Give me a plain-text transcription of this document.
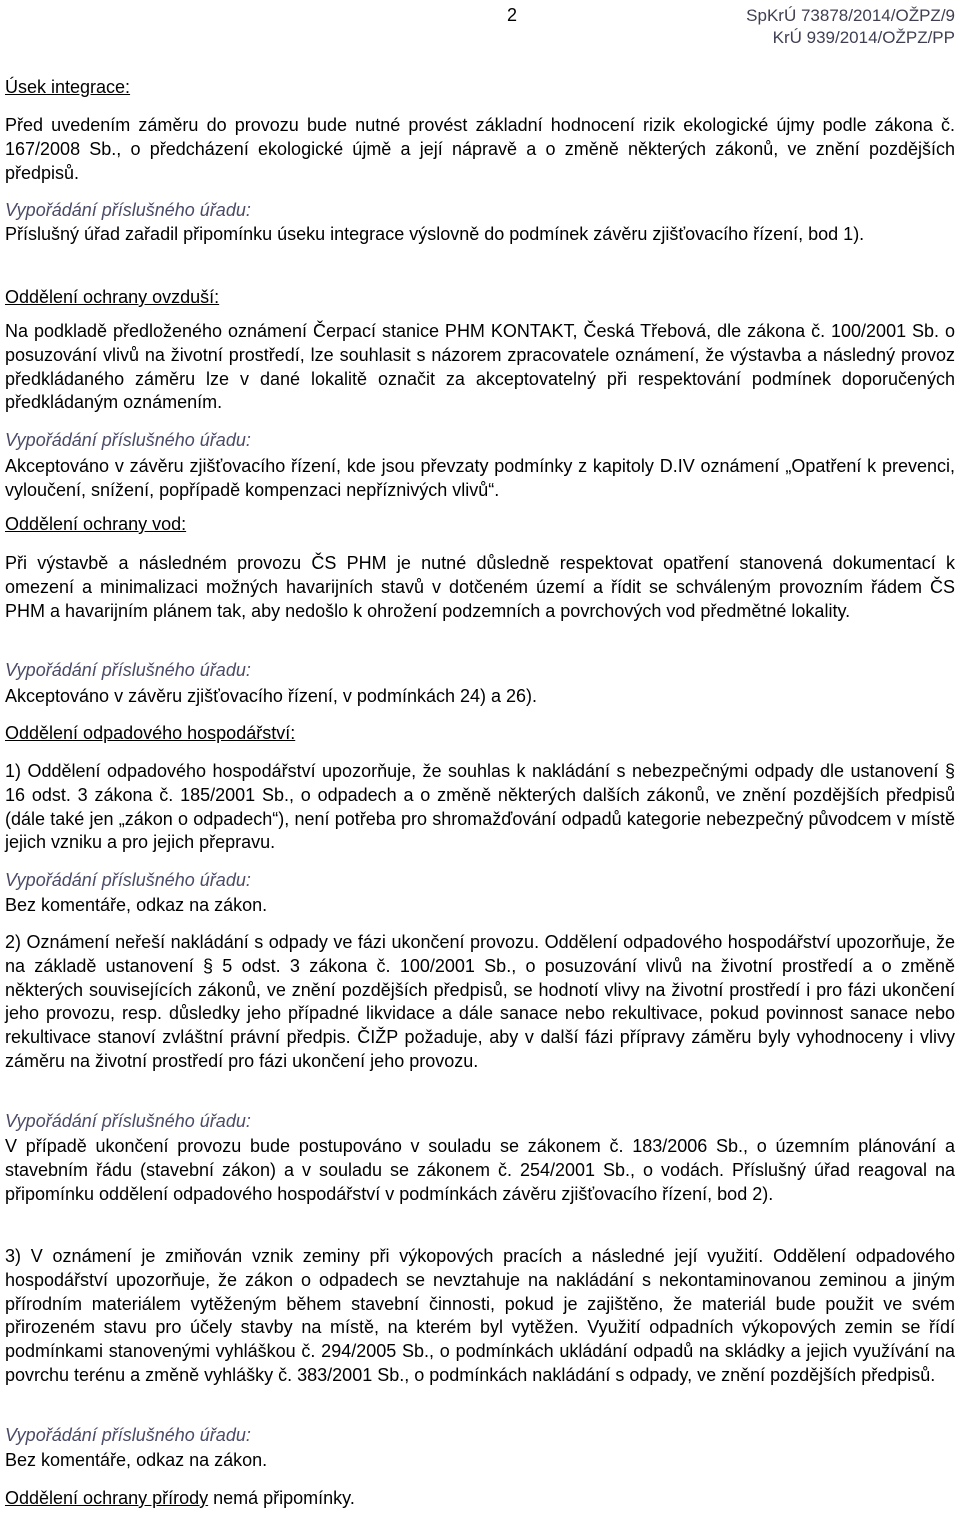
2	SpKrÚ 73878/2014/OŽPZ/9
KrÚ 939/2014/OŽPZ/PP
Úsek integrace:
Před uvedením záměru do provozu bude nutné provést základní hodnocení rizik ekologické újmy podle zákona č. 167/2008 Sb., o předcházení ekologické újmě a její nápravě a o změně některých zákonů, ve znění pozdějších předpisů.
Vypořádání příslušného úřadu:
Příslušný úřad zařadil připomínku úseku integrace výslovně do podmínek závěru zjišťovacího řízení, bod 1).
Oddělení ochrany ovzduší:
Na podkladě předloženého oznámení Čerpací stanice PHM KONTAKT, Česká Třebová, dle zákona č. 100/2001 Sb. o posuzování vlivů na životní prostředí, lze souhlasit s názorem zpracovatele oznámení, že výstavba a následný provoz předkládaného záměru lze v dané lokalitě označit za akceptovatelný při respektování podmínek doporučených předkládaným oznámením.
Vypořádání příslušného úřadu:
Akceptováno v závěru zjišťovacího řízení, kde jsou převzaty podmínky z kapitoly D.IV oznámení „Opatření k prevenci, vyloučení, snížení, popřípadě kompenzaci nepříznivých vlivů“.
Oddělení ochrany vod:
Při výstavbě a následném provozu ČS PHM je nutné důsledně respektovat opatření stanovená dokumentací k omezení a minimalizaci možných havarijních stavů v dotčeném území a řídit se schváleným provozním řádem ČS PHM a havarijním plánem tak, aby nedošlo k ohrožení podzemních a povrchových vod předmětné lokality.
Vypořádání příslušného úřadu:
Akceptováno v závěru zjišťovacího řízení, v podmínkách 24) a 26).
Oddělení odpadového hospodářství:
1) Oddělení odpadového hospodářství upozorňuje, že souhlas k nakládání s nebezpečnými odpady dle ustanovení § 16 odst. 3 zákona č. 185/2001 Sb., o odpadech a o změně některých dalších zákonů, ve znění pozdějších předpisů (dále také jen „zákon o odpadech“), není potřeba pro shromažďování odpadů kategorie nebezpečný původcem v místě jejich vzniku a pro jejich přepravu.
Vypořádání příslušného úřadu:
Bez komentáře, odkaz na zákon.
2) Oznámení neřeší nakládání s odpady ve fázi ukončení provozu. Oddělení odpadového hospodářství upozorňuje, že na základě ustanovení § 5 odst. 3 zákona č. 100/2001 Sb., o posuzování vlivů na životní prostředí a o změně některých souvisejících zákonů, ve znění pozdějších předpisů, se hodnotí vlivy na životní prostředí i pro fázi ukončení jeho provozu, resp. důsledky jeho případné likvidace a dále sanace nebo rekultivace, pokud povinnost sanace nebo rekultivace stanoví zvláštní právní předpis. ČIŽP požaduje, aby v další fázi přípravy záměru byly vyhodnoceny i vlivy záměru na životní prostředí pro fázi ukončení jeho provozu.
Vypořádání příslušného úřadu:
V případě ukončení provozu bude postupováno v souladu se zákonem č. 183/2006 Sb., o územním plánování a stavebním řádu (stavební zákon) a v souladu se zákonem č. 254/2001 Sb., o vodách. Příslušný úřad reagoval na připomínku oddělení odpadového hospodářství v podmínkách závěru zjišťovacího řízení, bod 2).
3) V oznámení je zmiňován vznik zeminy při výkopových pracích a následné její využití. Oddělení odpadového hospodářství upozorňuje, že zákon o odpadech se nevztahuje na nakládání s nekontaminovanou zeminou a jiným přírodním materiálem vytěženým během stavební činnosti, pokud je zajištěno, že materiál bude použit ve svém přirozeném stavu pro účely stavby na místě, na kterém byl vytěžen. Využití odpadních výkopových zemin se řídí podmínkami stanovenými vyhláškou č. 294/2005 Sb., o podmínkách ukládání odpadů na skládky a jejich využívání na povrchu terénu a změně vyhlášky č. 383/2001 Sb., o podmínkách nakládání s odpady, ve znění pozdějších předpisů.
Vypořádání příslušného úřadu:
Bez komentáře, odkaz na zákon.
Oddělení ochrany přírody nemá připomínky.
